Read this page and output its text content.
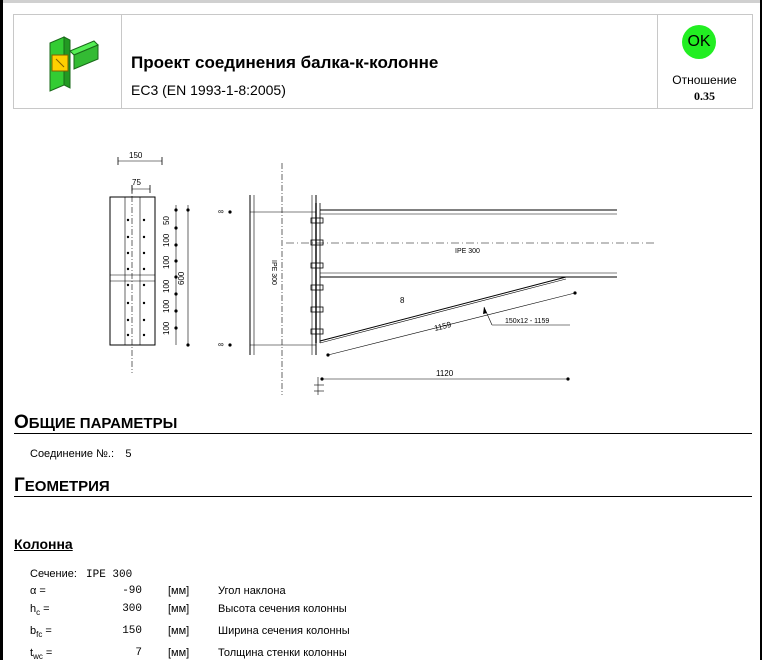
Проект соединения балка-к-колонне
EC3 (EN 1993-1-8:2005)
OK
Отношение
0.35
150
75
100
100
100
100
100
50
600	IPE 300
∞
∞
IPE 300
8
1159	150x12 - 1159
1120
ОБЩИЕ ПАРАМЕТРЫ
Соединение №.: 5
ГЕОМЕТРИЯ
Колонна
Сечение: IPE 300
α =	-90 [мм]	Угол наклона
$h_c$ =	300 [мм]	Высота сечения колонны
$b_{fc}$ =	150 [мм]	Ширина сечения колонны
$t_{wc}$ =	7 [мм]	Толщина стенки колонны
